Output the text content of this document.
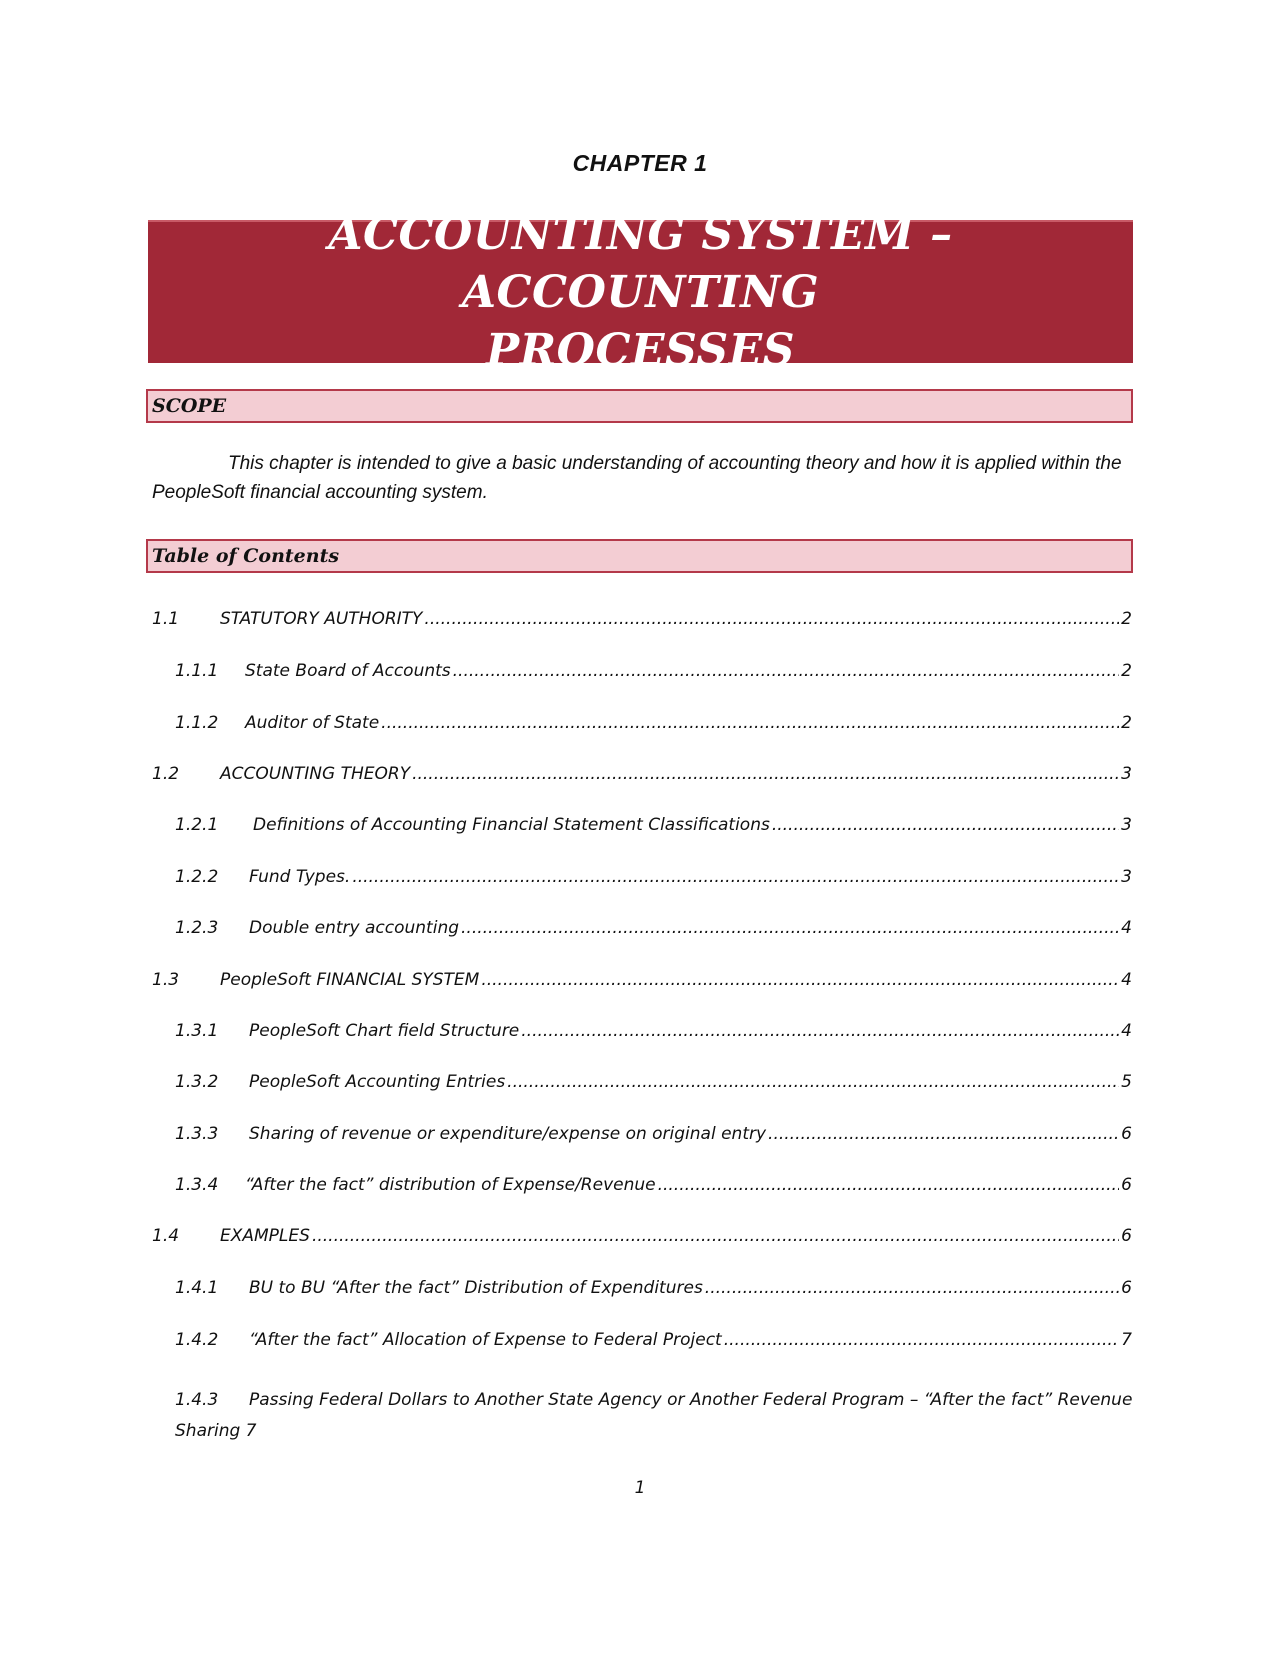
CHAPTER 1
ACCOUNTING SYSTEM – ACCOUNTING
PROCESSES
SCOPE
This chapter is intended to give a basic understanding of accounting theory and how it is applied within the PeopleSoft financial accounting system.
Table of Contents
1.1	STATUTORY AUTHORITY .....	2
1.1.1	State Board of Accounts .....	2
1.1.2	Auditor of State .....	2
1.2	ACCOUNTING THEORY .....	3
1.2.1	Definitions of Accounting Financial Statement Classifications .....	3
1.2.2	Fund Types. .....	3
1.2.3	Double entry accounting .....	4
1.3	PeopleSoft FINANCIAL SYSTEM .....	4
1.3.1	PeopleSoft Chart field Structure .....	4
1.3.2	PeopleSoft Accounting Entries .....	5
1.3.3	Sharing of revenue or expenditure/expense on original entry .....	6
1.3.4	“After the fact” distribution of Expense/Revenue .....	6
1.4	EXAMPLES .....	6
1.4.1	BU to BU “After the fact” Distribution of Expenditures .....	6
1.4.2	“After the fact” Allocation of Expense to Federal Project .....	7
1.4.3 Passing Federal Dollars to Another State Agency or Another Federal Program – “After the fact” Revenue Sharing 7
1
